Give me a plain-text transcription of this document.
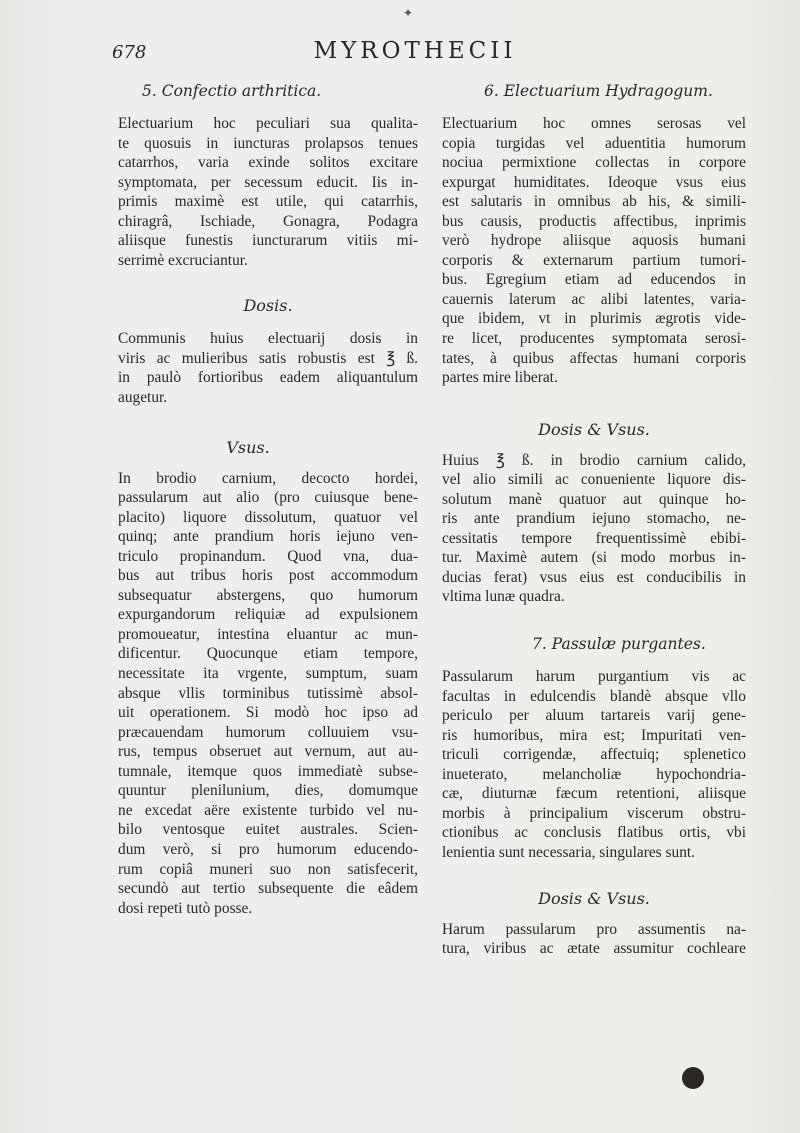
✦
678	MYROTHECII
5. Confectio arthritica.
Electuarium hoc peculiari sua qualita-
te quosuis in iuncturas prolapsos tenues
catarrhos, varia exinde solitos excitare
symptomata, per secessum educit. Iis in-
primis maximè est utile, qui catarrhis,
chiragrâ, Ischiade, Gonagra, Podagra
aliisque funestis iuncturarum vitiis mi-
serrimè excruciantur.
Dosis.
Communis huius electuarij dosis in
viris ac mulieribus satis robustis est ℥ ß.
in paulò fortioribus eadem aliquantulum
augetur.
Vsus.
In brodio carnium, decocto hordei,
passularum aut alio (pro cuiusque bene-
placito) liquore dissolutum, quatuor vel
quinq; ante prandium horis iejuno ven-
triculo propinandum. Quod vna, dua-
bus aut tribus horis post accommodum
subsequatur abstergens, quo humorum
expurgandorum reliquiæ ad expulsionem
promoueatur, intestina eluantur ac mun-
dificentur. Quocunque etiam tempore,
necessitate ita vrgente, sumptum, suam
absque vllis torminibus tutissimè absol-
uit operationem. Si modò hoc ipso ad
præcauendam humorum colluuiem vsu-
rus, tempus obseruet aut vernum, aut au-
tumnale, itemque quos immediatè subse-
quuntur plenilunium, dies, domumque
ne excedat aëre existente turbido vel nu-
bilo ventosque euitet australes. Scien-
dum verò, si pro humorum educendo-
rum copiâ muneri suo non satisfecerit,
secundò aut tertio subsequente die eâdem
dosi repeti tutò posse.
6. Electuarium Hydragogum.
Electuarium hoc omnes serosas vel
copia turgidas vel aduentitia humorum
nociua permixtione collectas in corpore
expurgat humiditates. Ideoque vsus eius
est salutaris in omnibus ab his, & simili-
bus causis, productis affectibus, inprimis
verò hydrope aliisque aquosis humani
corporis & externarum partium tumori-
bus. Egregium etiam ad educendos in
cauernis laterum ac alibi latentes, varia-
que ibidem, vt in plurimis ægrotis vide-
re licet, producentes symptomata serosi-
tates, à quibus affectas humani corporis
partes mire liberat.
Dosis & Vsus.
Huius ℥ ß. in brodio carnium calido,
vel alio simili ac conueniente liquore dis-
solutum manè quatuor aut quinque ho-
ris ante prandium iejuno stomacho, ne-
cessitatis tempore frequentissimè ebibi-
tur. Maximè autem (si modo morbus in-
ducias ferat) vsus eius est conducibilis in
vltima lunæ quadra.
7. Passulæ purgantes.
Passularum harum purgantium vis ac
facultas in edulcendis blandè absque vllo
periculo per aluum tartareis varij gene-
ris humoribus, mira est; Impuritati ven-
triculi corrigendæ, affectuiq; splenetico
inueterato, melancholiæ hypochondria-
cæ, diuturnæ fæcum retentioni, aliisque
morbis à principalium viscerum obstru-
ctionibus ac conclusis flatibus ortis, vbi
lenientia sunt necessaria, singulares sunt.
Dosis & Vsus.
Harum passularum pro assumentis na-
tura, viribus ac ætate assumitur cochleare
